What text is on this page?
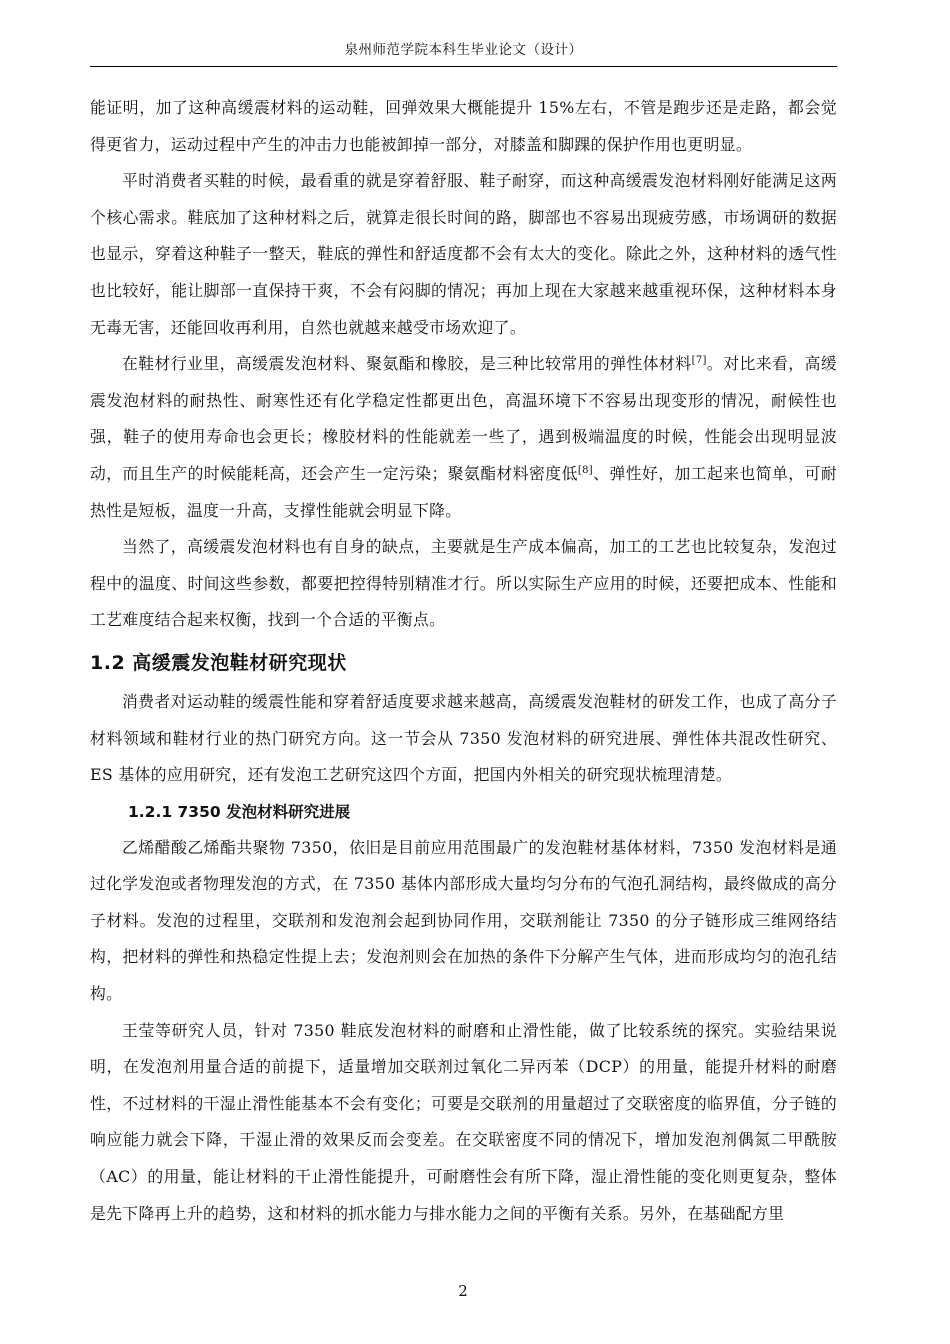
泉州师范学院本科生毕业论文（设计）

能证明，加了这种高缓震材料的运动鞋，回弹效果大概能提升 15%左右，不管是跑步还是走路，都会觉得更省力，运动过程中产生的冲击力也能被卸掉一部分，对膝盖和脚踝的保护作用也更明显。

平时消费者买鞋的时候，最看重的就是穿着舒服、鞋子耐穿，而这种高缓震发泡材料刚好能满足这两个核心需求。鞋底加了这种材料之后，就算走很长时间的路，脚部也不容易出现疲劳感，市场调研的数据也显示，穿着这种鞋子一整天，鞋底的弹性和舒适度都不会有太大的变化。除此之外，这种材料的透气性也比较好，能让脚部一直保持干爽，不会有闷脚的情况；再加上现在大家越来越重视环保，这种材料本身无毒无害，还能回收再利用，自然也就越来越受市场欢迎了。

在鞋材行业里，高缓震发泡材料、聚氨酯和橡胶，是三种比较常用的弹性体材料[7]。对比来看，高缓震发泡材料的耐热性、耐寒性还有化学稳定性都更出色，高温环境下不容易出现变形的情况，耐候性也强，鞋子的使用寿命也会更长；橡胶材料的性能就差一些了，遇到极端温度的时候，性能会出现明显波动，而且生产的时候能耗高，还会产生一定污染；聚氨酯材料密度低[8]、弹性好，加工起来也简单，可耐热性是短板，温度一升高，支撑性能就会明显下降。

当然了，高缓震发泡材料也有自身的缺点，主要就是生产成本偏高，加工的工艺也比较复杂，发泡过程中的温度、时间这些参数，都要把控得特别精准才行。所以实际生产应用的时候，还要把成本、性能和工艺难度结合起来权衡，找到一个合适的平衡点。

1.2 高缓震发泡鞋材研究现状

消费者对运动鞋的缓震性能和穿着舒适度要求越来越高，高缓震发泡鞋材的研发工作，也成了高分子材料领域和鞋材行业的热门研究方向。这一节会从 7350 发泡材料的研究进展、弹性体共混改性研究、ES 基体的应用研究，还有发泡工艺研究这四个方面，把国内外相关的研究现状梳理清楚。

1.2.1 7350 发泡材料研究进展

乙烯醋酸乙烯酯共聚物 7350，依旧是目前应用范围最广的发泡鞋材基体材料，7350 发泡材料是通过化学发泡或者物理发泡的方式，在 7350 基体内部形成大量均匀分布的气泡孔洞结构，最终做成的高分子材料。发泡的过程里，交联剂和发泡剂会起到协同作用，交联剂能让 7350 的分子链形成三维网络结构，把材料的弹性和热稳定性提上去；发泡剂则会在加热的条件下分解产生气体，进而形成均匀的泡孔结构。

王莹等研究人员，针对 7350 鞋底发泡材料的耐磨和止滑性能，做了比较系统的探究。实验结果说明，在发泡剂用量合适的前提下，适量增加交联剂过氧化二异丙苯（DCP）的用量，能提升材料的耐磨性，不过材料的干湿止滑性能基本不会有变化；可要是交联剂的用量超过了交联密度的临界值，分子链的响应能力就会下降，干湿止滑的效果反而会变差。在交联密度不同的情况下，增加发泡剂偶氮二甲酰胺（AC）的用量，能让材料的干止滑性能提升，可耐磨性会有所下降，湿止滑性能的变化则更复杂，整体是先下降再上升的趋势，这和材料的抓水能力与排水能力之间的平衡有关系。另外，在基础配方里

2
